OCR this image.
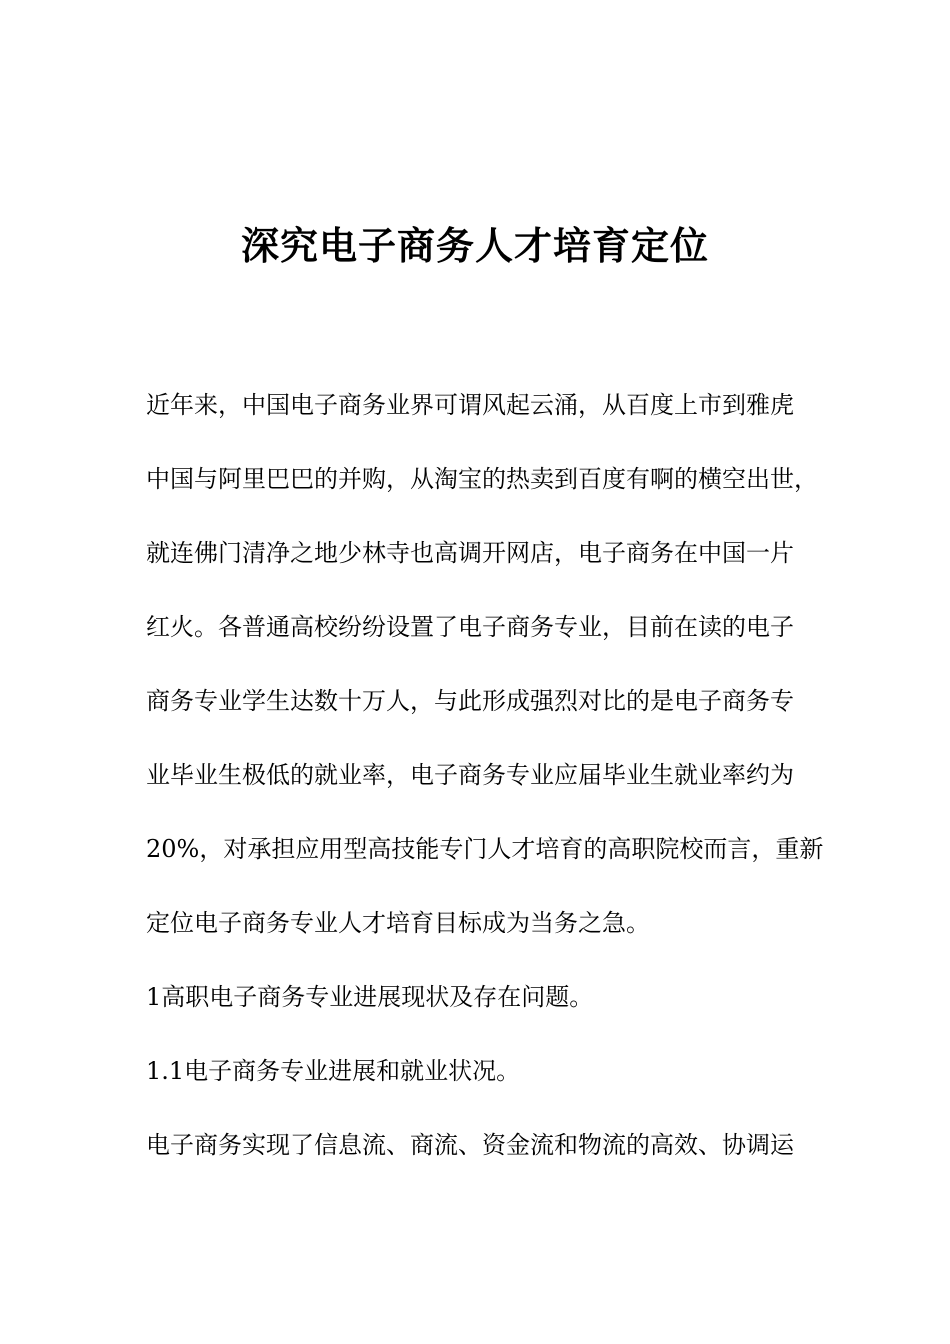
深究电子商务人才培育定位

近年来，中国电子商务业界可谓风起云涌，从百度上市到雅虎

中国与阿里巴巴的并购，从淘宝的热卖到百度有啊的横空出世，

就连佛门清净之地少林寺也高调开网店，电子商务在中国一片

红火。各普通高校纷纷设置了电子商务专业，目前在读的电子

商务专业学生达数十万人，与此形成强烈对比的是电子商务专

业毕业生极低的就业率，电子商务专业应届毕业生就业率约为

20%，对承担应用型高技能专门人才培育的高职院校而言，重新

定位电子商务专业人才培育目标成为当务之急。

1高职电子商务专业进展现状及存在问题。

1.1电子商务专业进展和就业状况。

电子商务实现了信息流、商流、资金流和物流的高效、协调运
